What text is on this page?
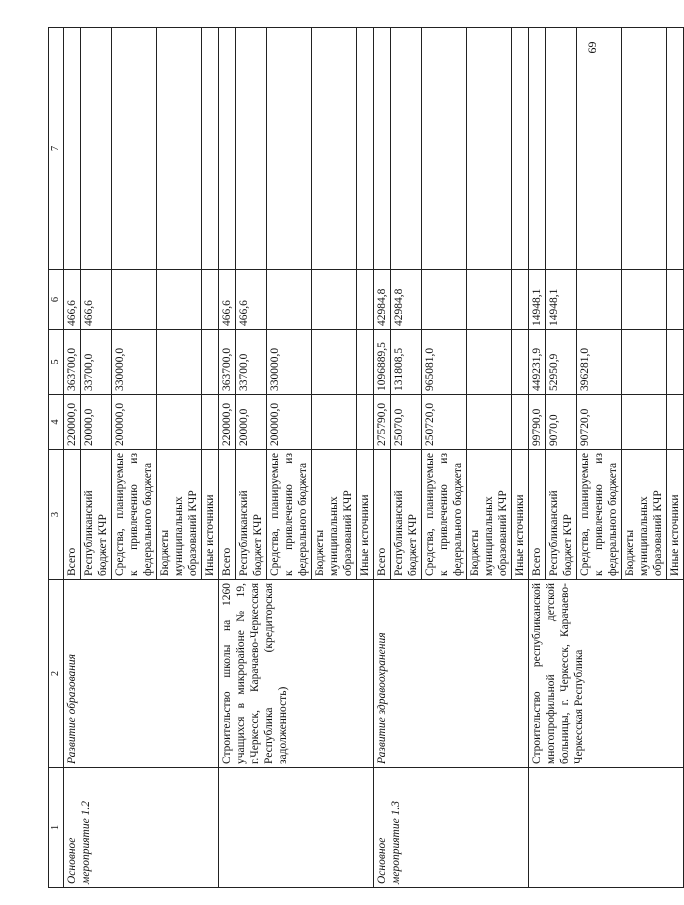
69
1	2	3	4	5	6	7
Основное мероприятие 1.2	Развитие образования	Всего	220000,0	363700,0	466,6	
		Республиканский бюджет КЧР	20000,0	33700,0	466,6	
		Средства, планируемые к привлечению из федерального бюджета	200000,0	330000,0		
		Бюджеты муниципальных образований КЧР				
		Иные источники				
	Строительство школы на 1260 учащихся в микрорайоне № 19, г.Черкесск, Карачаево-Черкесская Республика (кредиторская задолженность)	Всего	220000,0	363700,0	466,6	
		Республиканский бюджет КЧР	20000,0	33700,0	466,6	
		Средства, планируемые к привлечению из федерального бюджета	200000,0	330000,0		
		Бюджеты муниципальных образований КЧР				
		Иные источники				
Основное мероприятие 1.3	Развитие здравоохранения	Всего	275790,0	1096889,5	42984,8	
		Республиканский бюджет КЧР	25070,0	131808,5	42984,8	
		Средства, планируемые к привлечению из федерального бюджета	250720,0	965081,0		
		Бюджеты муниципальных образований КЧР				
		Иные источники				
	Строительство республиканской многопрофильной детской больницы, г. Черкесск, Карачаево-Черкесская Республика	Всего	99790,0	449231,9	14948,1	
		Республиканский бюджет КЧР	9070,0	52950,9	14948,1	
		Средства, планируемые к привлечению из федерального бюджета	90720,0	396281,0		
		Бюджеты муниципальных образований КЧР				
		Иные источники				
